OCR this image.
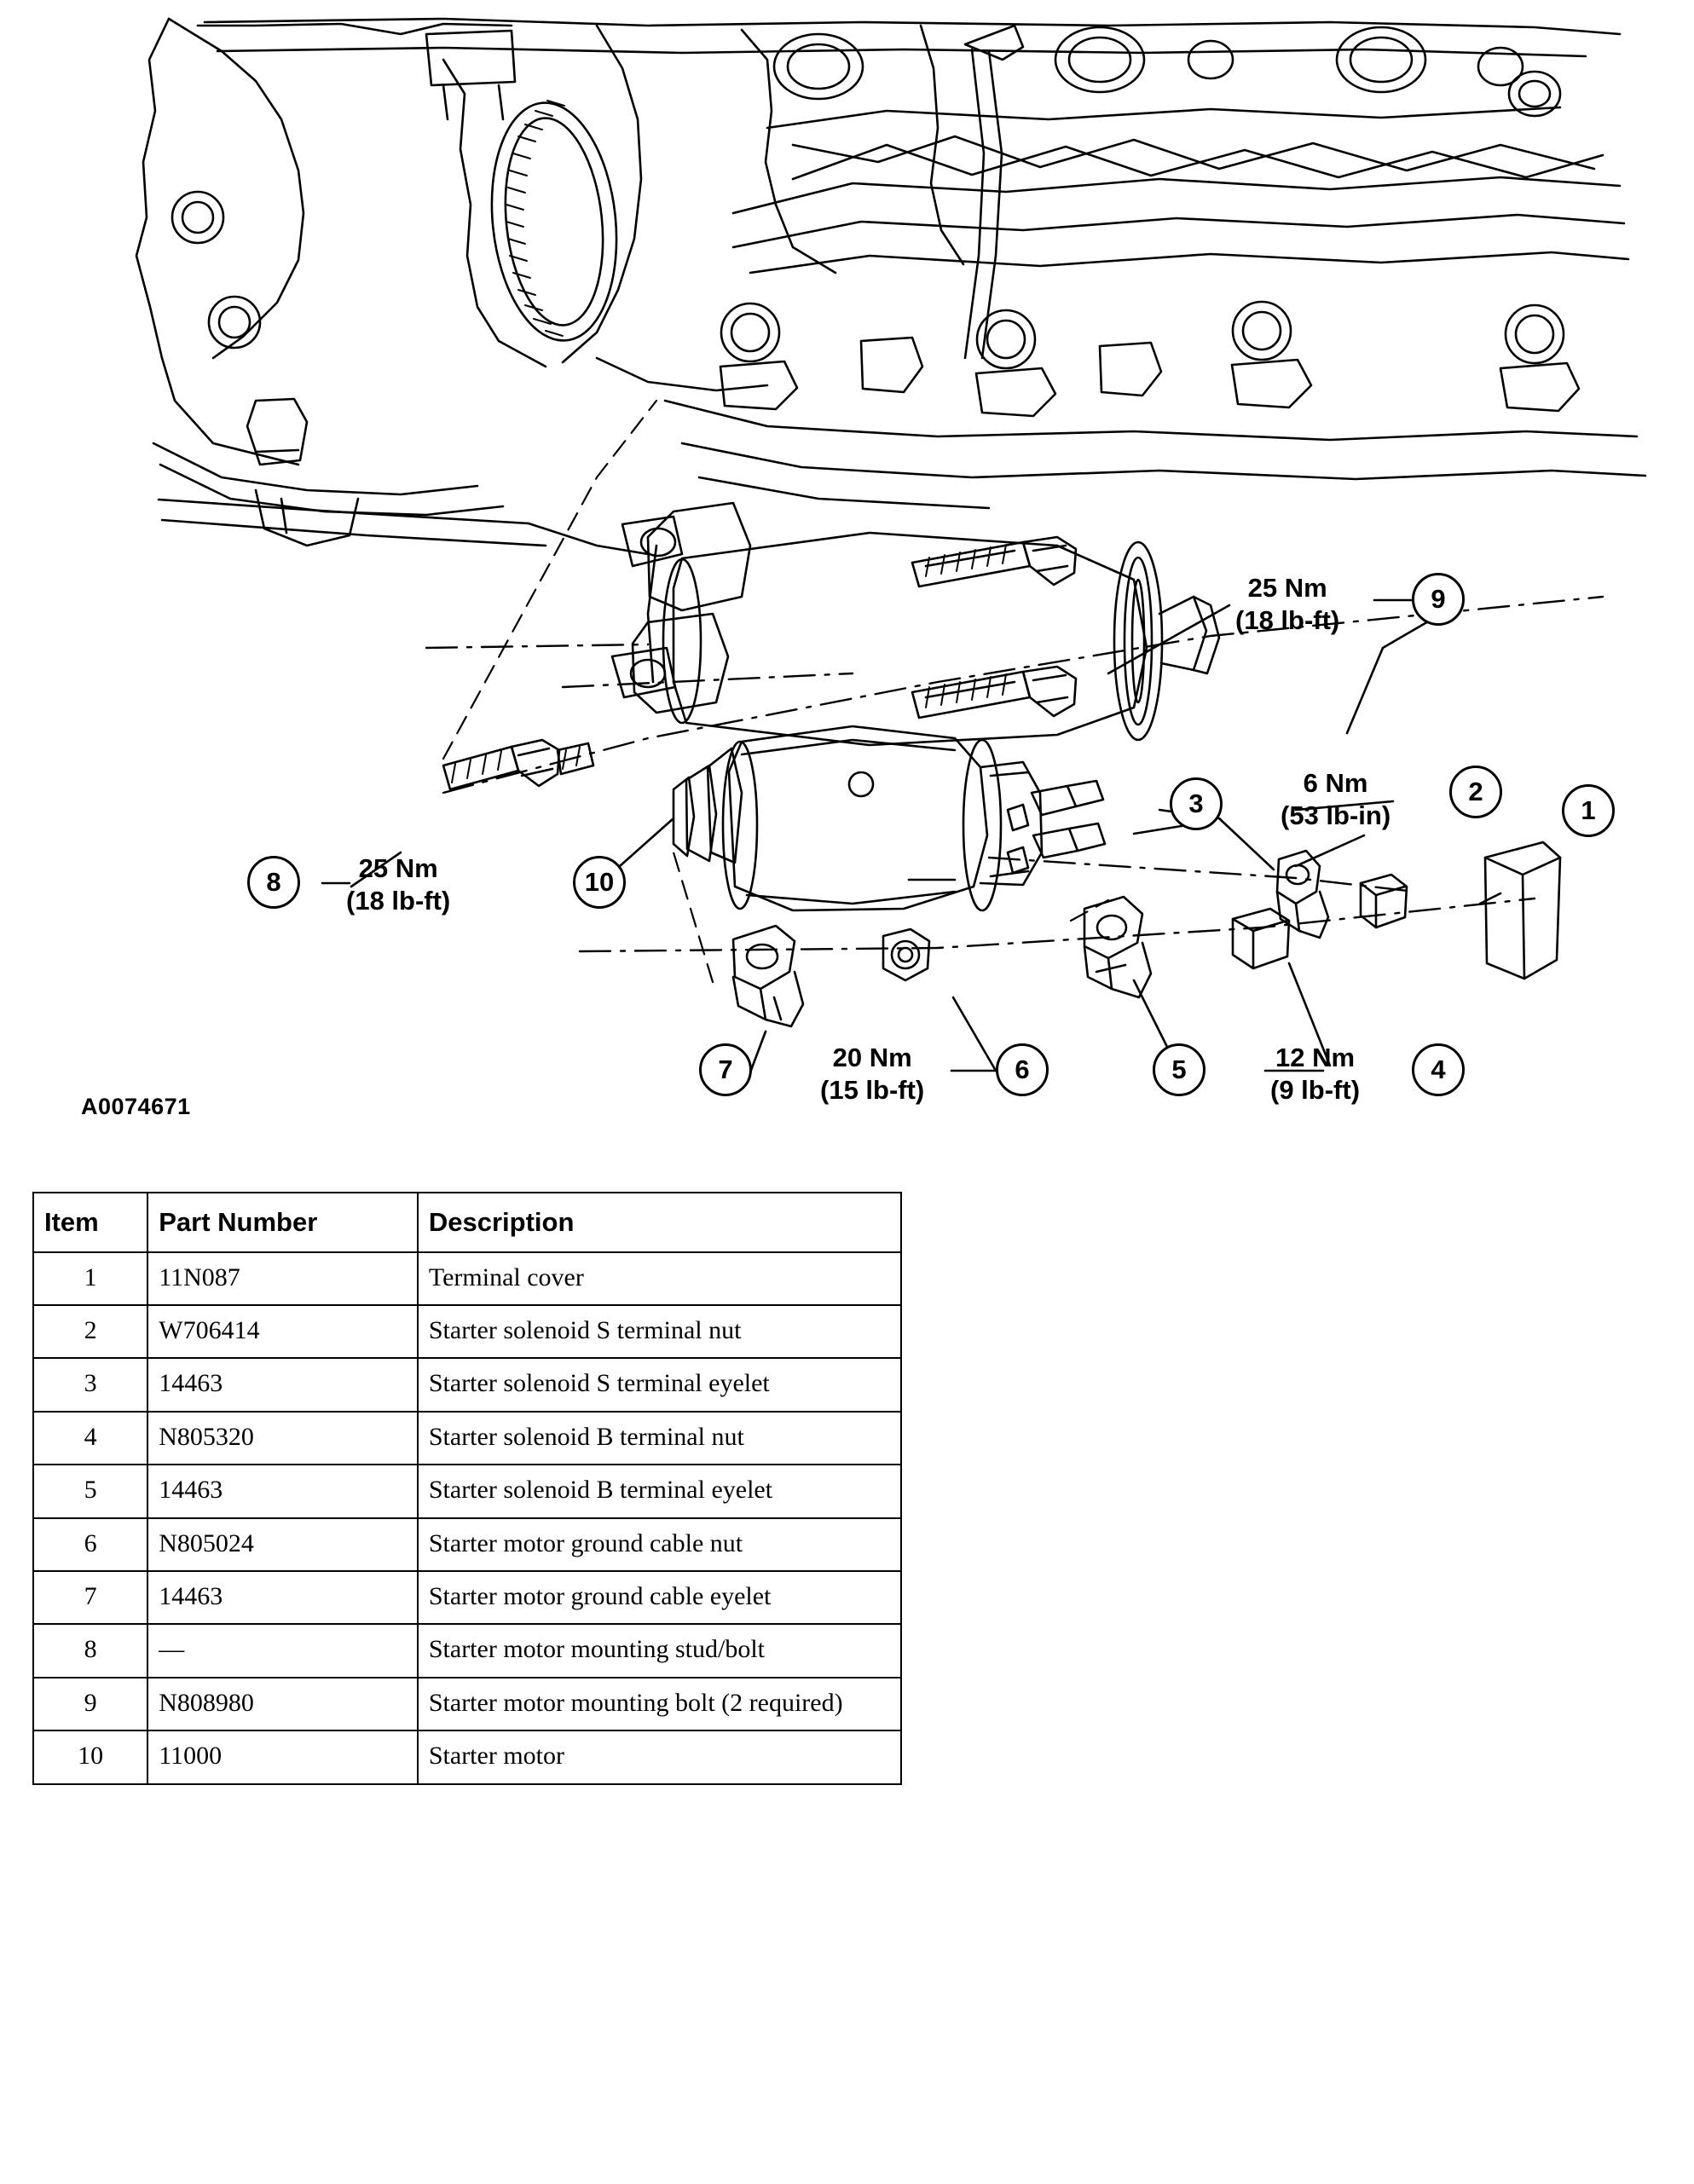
25 Nm
(18 lb-ft)
6 Nm
(53 lb-in)
25 Nm
(18 lb-ft)
20 Nm
(15 lb-ft)
12 Nm
(9 lb-ft)
1
2
3
4
5
6
7
8
9
10
A0074671
Item	Part Number	Description
1	11N087	Terminal cover
2	W706414	Starter solenoid S terminal nut
3	14463	Starter solenoid S terminal eyelet
4	N805320	Starter solenoid B terminal nut
5	14463	Starter solenoid B terminal eyelet
6	N805024	Starter motor ground cable nut
7	14463	Starter motor ground cable eyelet
8	—	Starter motor mounting stud/bolt
9	N808980	Starter motor mounting bolt (2 required)
10	11000	Starter motor
